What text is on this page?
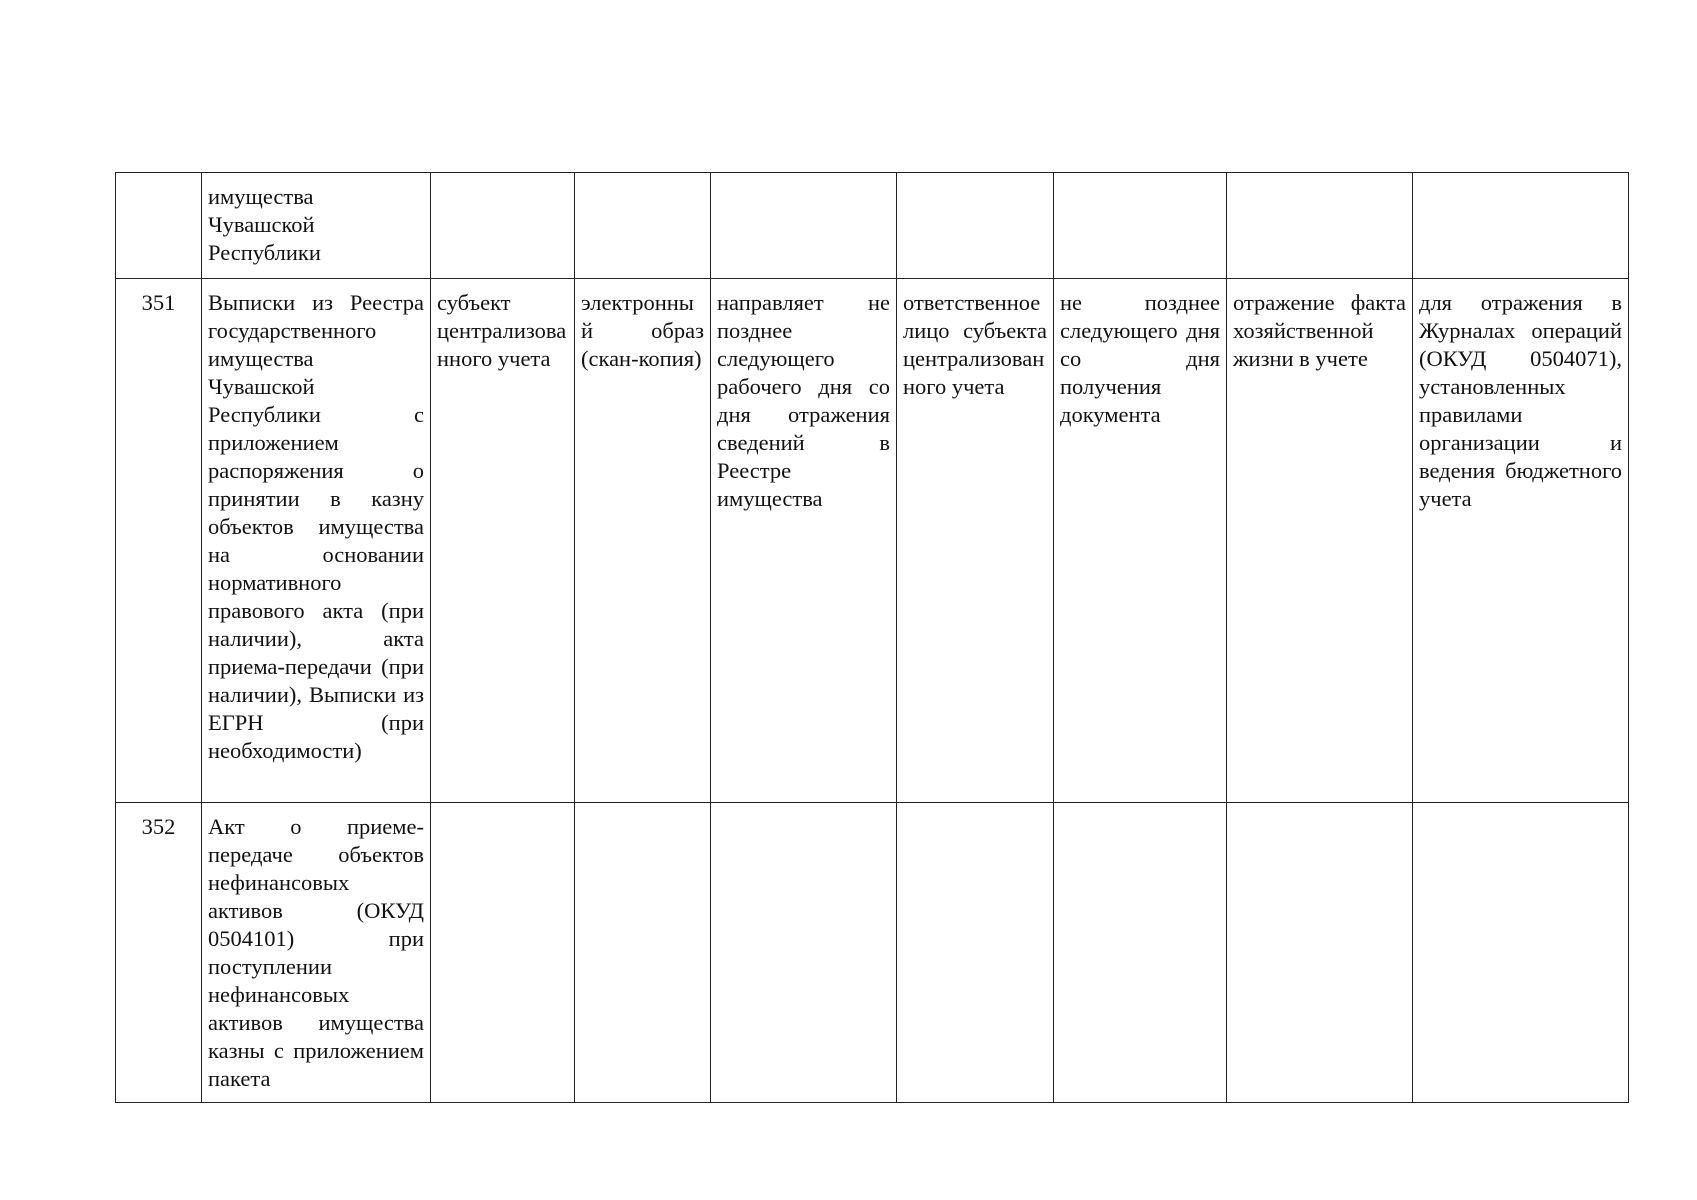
	имущества Чувашской Республики							
351	Выписки из Реестра государственного имущества Чувашской Республики с приложением распоряжения о принятии в казну объектов имущества на основании нормативного правового акта (при наличии), акта приема-передачи (при наличии), Выписки из ЕГРН (при необходимости)	субъект централизованного учета	электронный образ (скан-копия)	направляет не позднее следующего рабочего дня со дня отражения сведений в Реестре имущества	ответственное лицо субъекта централизованного учета	не позднее следующего дня со дня получения документа	отражение факта хозяйственной жизни в учете	для отражения в Журналах операций (ОКУД 0504071), установленных правилами организации и ведения бюджетного учета
352	Акт о приеме-передаче объектов нефинансовых активов (ОКУД 0504101) при поступлении нефинансовых активов имущества казны с приложением пакета							
